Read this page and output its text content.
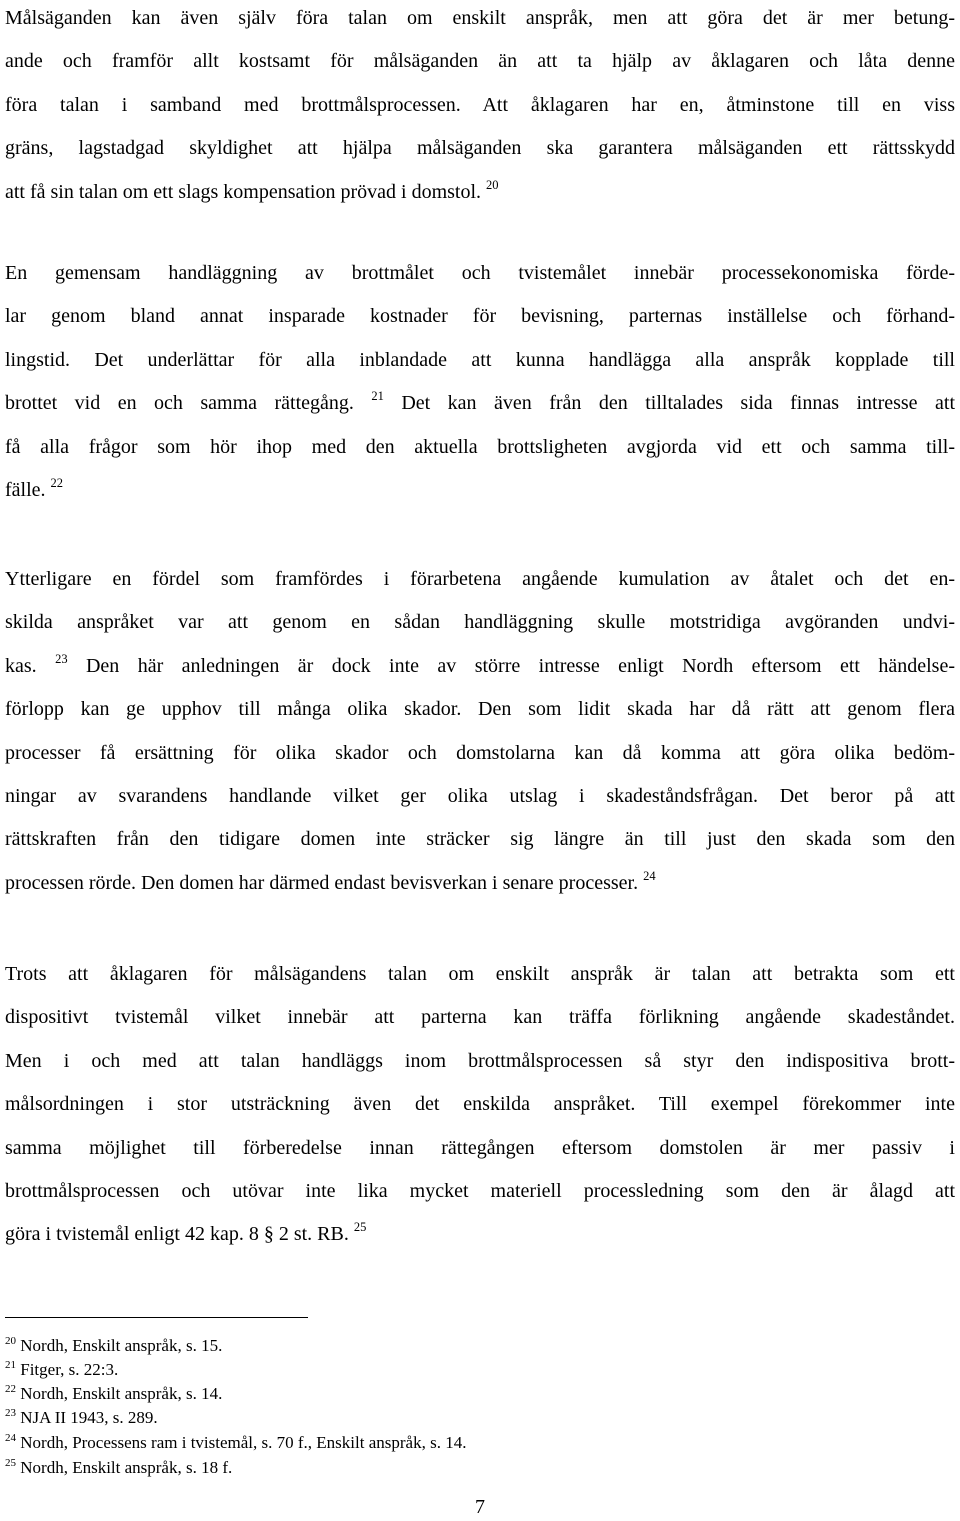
Målsäganden kan även själv föra talan om enskilt anspråk, men att göra det är mer betung-
ande och framför allt kostsamt för målsäganden än att ta hjälp av åklagaren och låta denne
föra talan i samband med brottmålsprocessen. Att åklagaren har en, åtminstone till en viss
gräns, lagstadgad skyldighet att hjälpa målsäganden ska garantera målsäganden ett rättsskydd
att få sin talan om ett slags kompensation prövad i domstol. $^{20}$
En gemensam handläggning av brottmålet och tvistemålet innebär processekonomiska förde-
lar genom bland annat insparade kostnader för bevisning, parternas inställelse och förhand-
lingstid. Det underlättar för alla inblandade att kunna handlägga alla anspråk kopplade till
brottet vid en och samma rättegång. $^{21}$ Det kan även från den tilltalades sida finnas intresse att
få alla frågor som hör ihop med den aktuella brottsligheten avgjorda vid ett och samma till-
fälle. $^{22}$
Ytterligare en fördel som framfördes i förarbetena angående kumulation av åtalet och det en-
skilda anspråket var att genom en sådan handläggning skulle motstridiga avgöranden undvi-
kas. $^{23}$ Den här anledningen är dock inte av större intresse enligt Nordh eftersom ett händelse-
förlopp kan ge upphov till många olika skador. Den som lidit skada har då rätt att genom flera
processer få ersättning för olika skador och domstolarna kan då komma att göra olika bedöm-
ningar av svarandens handlande vilket ger olika utslag i skadeståndsfrågan. Det beror på att
rättskraften från den tidigare domen inte sträcker sig längre än till just den skada som den
processen rörde. Den domen har därmed endast bevisverkan i senare processer. $^{24}$
Trots att åklagaren för målsägandens talan om enskilt anspråk är talan att betrakta som ett
dispositivt tvistemål vilket innebär att parterna kan träffa förlikning angående skadeståndet.
Men i och med att talan handläggs inom brottmålsprocessen så styr den indispositiva brott-
målsordningen i stor utsträckning även det enskilda anspråket. Till exempel förekommer inte
samma möjlighet till förberedelse innan rättegången eftersom domstolen är mer passiv i
brottmålsprocessen och utövar inte lika mycket materiell processledning som den är ålagd att
göra i tvistemål enligt 42 kap. 8 § 2 st. RB. $^{25}$
$^{20}$ Nordh, Enskilt anspråk, s. 15.
$^{21}$ Fitger, s. 22:3.
$^{22}$ Nordh, Enskilt anspråk, s. 14.
$^{23}$ NJA II 1943, s. 289.
$^{24}$ Nordh, Processens ram i tvistemål, s. 70 f., Enskilt anspråk, s. 14.
$^{25}$ Nordh, Enskilt anspråk, s. 18 f.
7
